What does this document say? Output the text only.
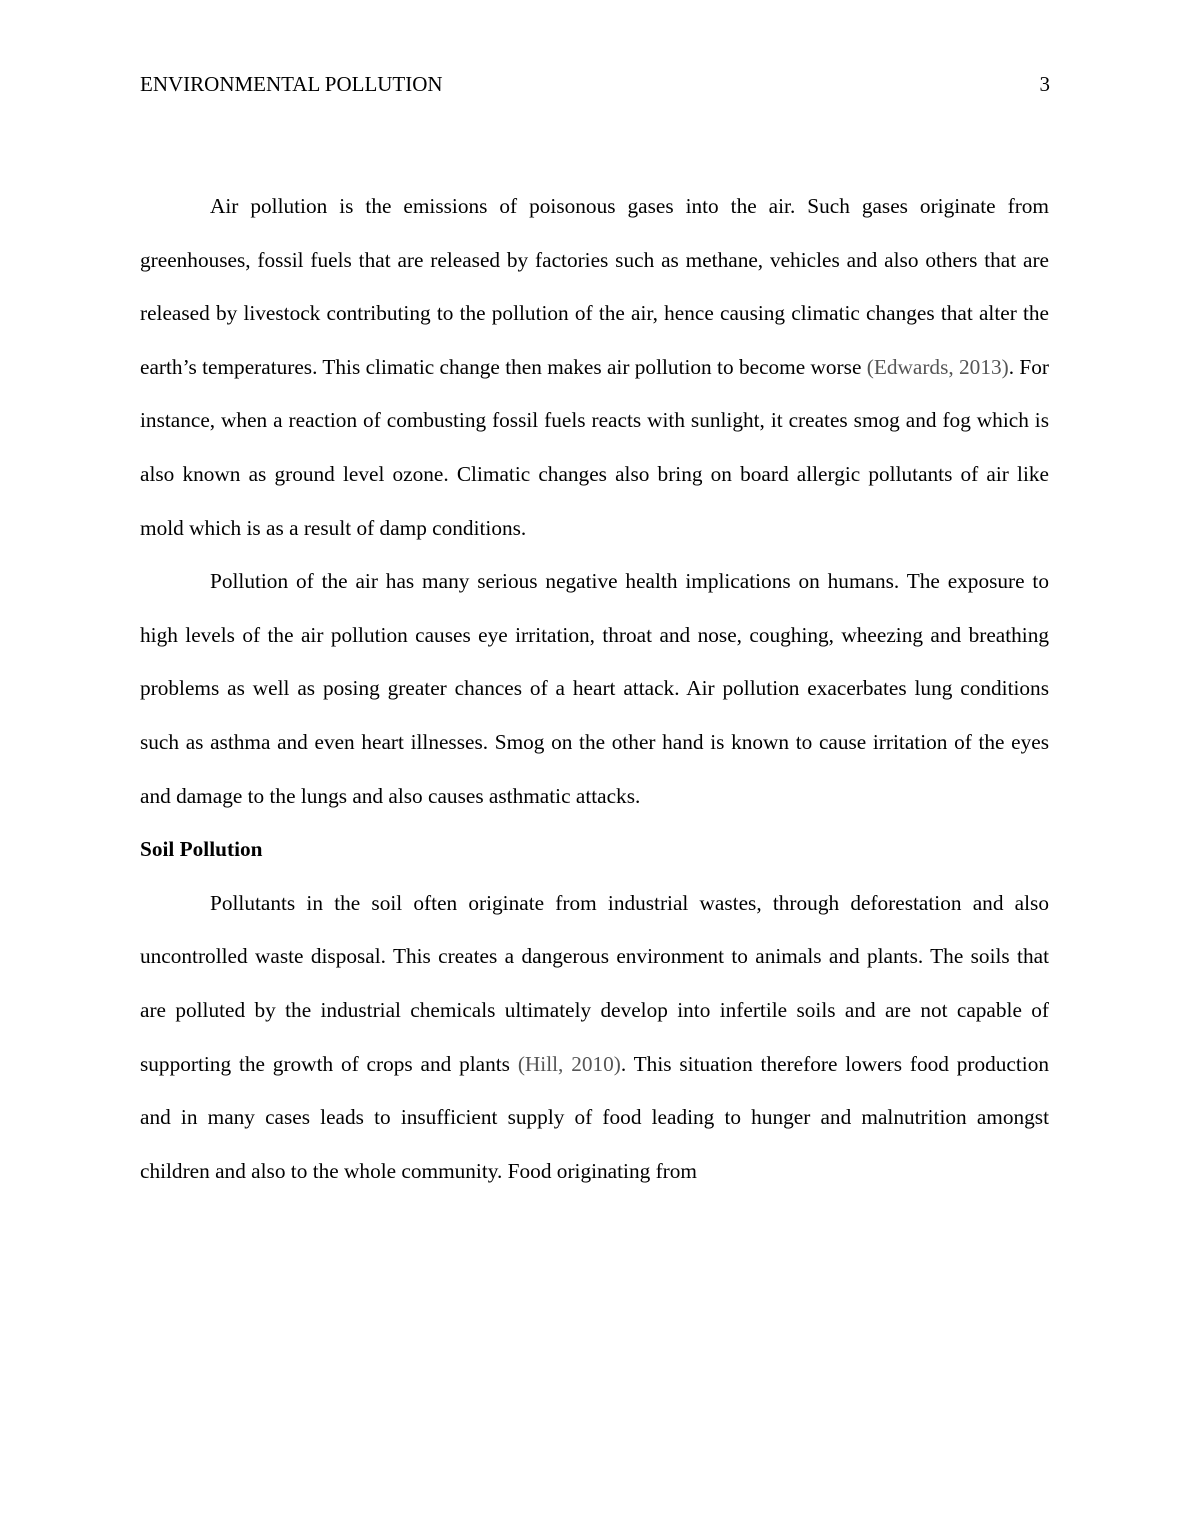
ENVIRONMENTAL POLLUTION	3

Air pollution is the emissions of poisonous gases into the air. Such gases originate from greenhouses, fossil fuels that are released by factories such as methane, vehicles and also others that are released by livestock contributing to the pollution of the air, hence causing climatic changes that alter the earth’s temperatures. This climatic change then makes air pollution to become worse (Edwards, 2013). For instance, when a reaction of combusting fossil fuels reacts with sunlight, it creates smog and fog which is also known as ground level ozone. Climatic changes also bring on board allergic pollutants of air like mold which is as a result of damp conditions.

Pollution of the air has many serious negative health implications on humans. The exposure to high levels of the air pollution causes eye irritation, throat and nose, coughing, wheezing and breathing problems as well as posing greater chances of a heart attack. Air pollution exacerbates lung conditions such as asthma and even heart illnesses. Smog on the other hand is known to cause irritation of the eyes and damage to the lungs and also causes asthmatic attacks.

Soil Pollution

Pollutants in the soil often originate from industrial wastes, through deforestation and also uncontrolled waste disposal. This creates a dangerous environment to animals and plants. The soils that are polluted by the industrial chemicals ultimately develop into infertile soils and are not capable of supporting the growth of crops and plants (Hill, 2010). This situation therefore lowers food production and in many cases leads to insufficient supply of food leading to hunger and malnutrition amongst children and also to the whole community. Food originating from
